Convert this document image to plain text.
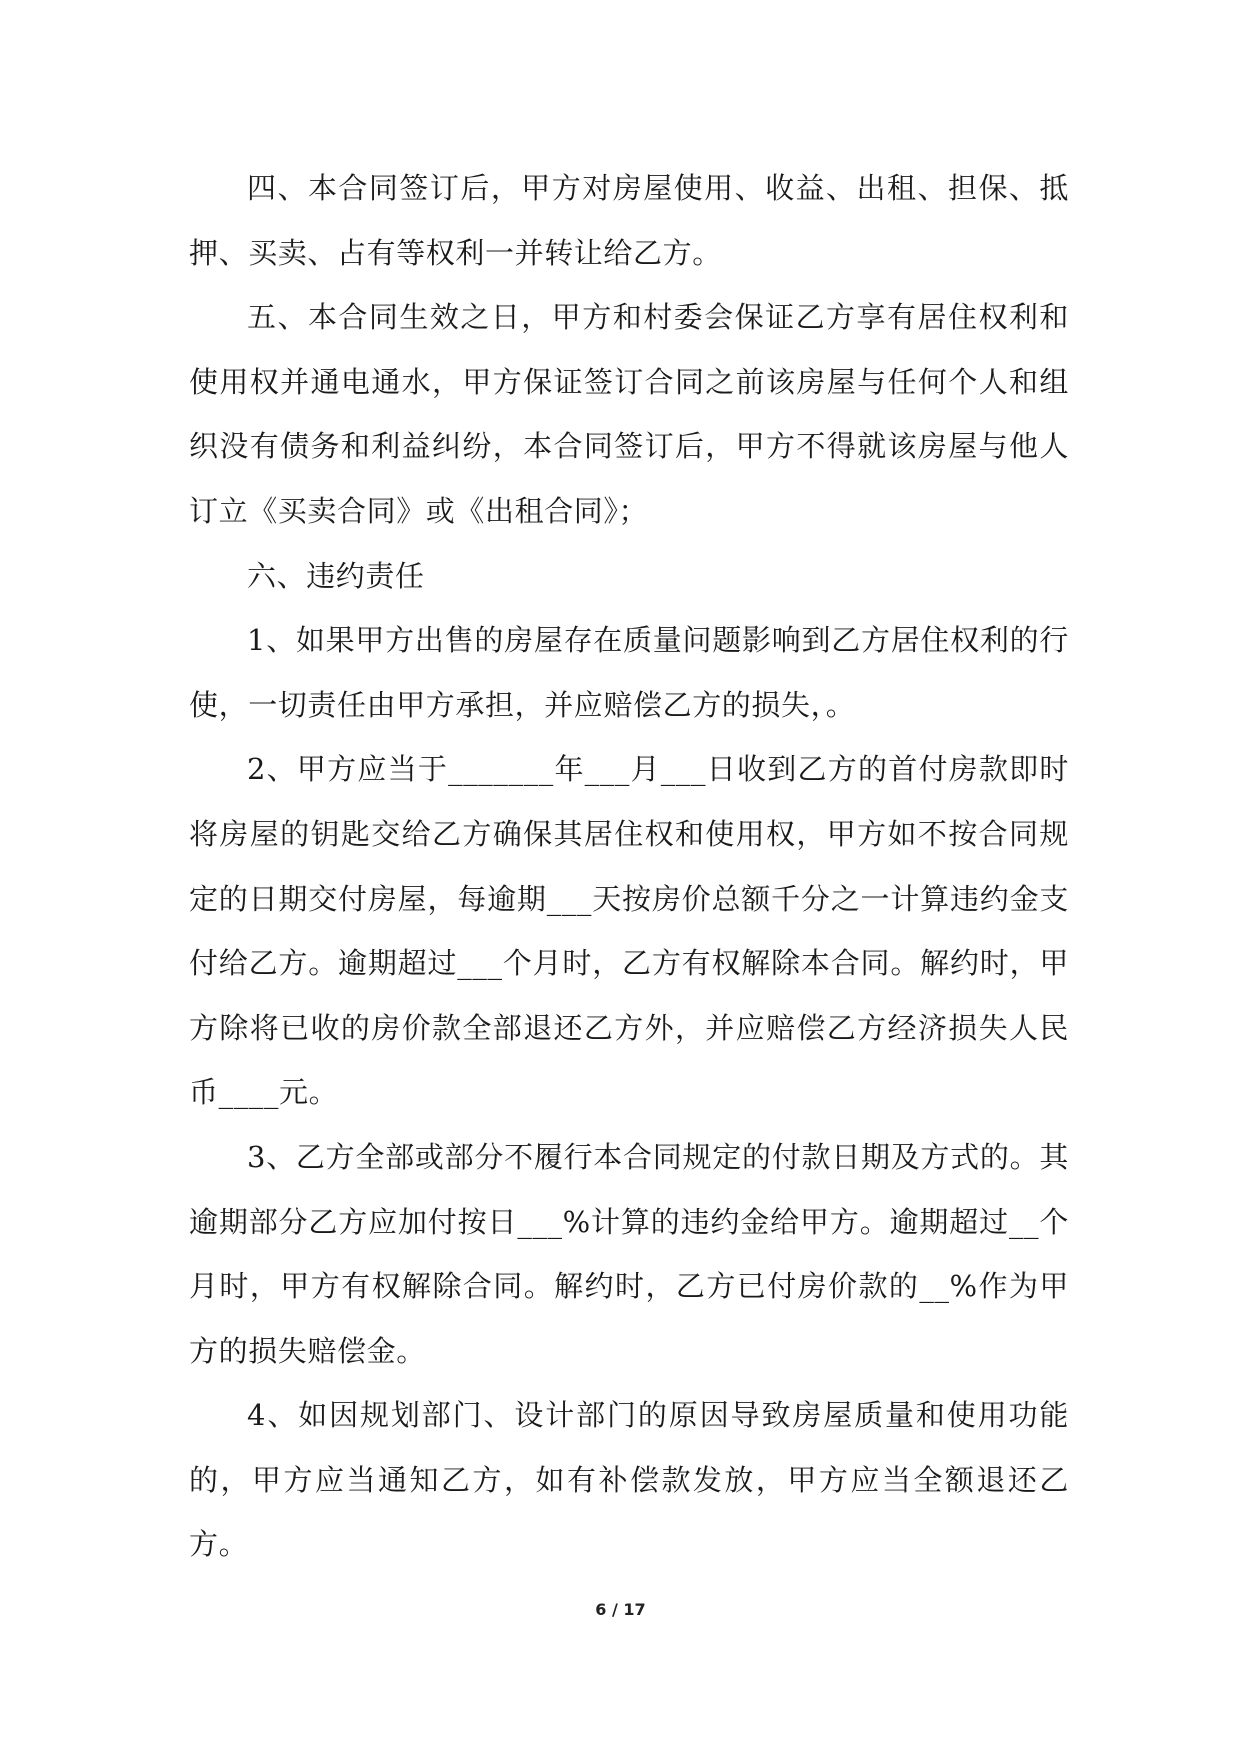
四、本合同签订后，甲方对房屋使用、收益、出租、担保、抵押、买卖、占有等权利一并转让给乙方。

五、本合同生效之日，甲方和村委会保证乙方享有居住权利和使用权并通电通水，甲方保证签订合同之前该房屋与任何个人和组织没有债务和利益纠纷，本合同签订后，甲方不得就该房屋与他人订立《买卖合同》或《出租合同》；

六、违约责任

1、如果甲方出售的房屋存在质量问题影响到乙方居住权利的行使，一切责任由甲方承担，并应赔偿乙方的损失，。

2、甲方应当于_______年___月___日收到乙方的首付房款即时将房屋的钥匙交给乙方确保其居住权和使用权，甲方如不按合同规定的日期交付房屋，每逾期___天按房价总额千分之一计算违约金支付给乙方。逾期超过___个月时，乙方有权解除本合同。解约时，甲方除将已收的房价款全部退还乙方外，并应赔偿乙方经济损失人民币____元。

3、乙方全部或部分不履行本合同规定的付款日期及方式的。其逾期部分乙方应加付按日___%计算的违约金给甲方。逾期超过__个月时，甲方有权解除合同。解约时，乙方已付房价款的__%作为甲方的损失赔偿金。

4、如因规划部门、设计部门的原因导致房屋质量和使用功能的，甲方应当通知乙方，如有补偿款发放，甲方应当全额退还乙方。

6 / 17
